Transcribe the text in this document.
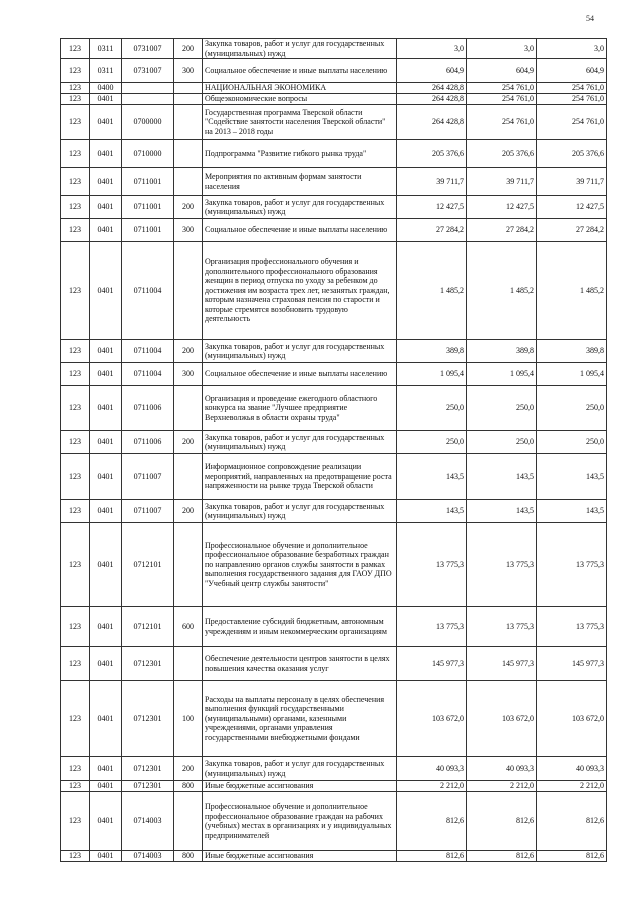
54
123	0311	0731007	200	Закупка товаров, работ и услуг для государственных (муниципальных) нужд	3,0	3,0	3,0
123	0311	0731007	300	Социальное обеспечение и иные выплаты населению	604,9	604,9	604,9
123	0400			НАЦИОНАЛЬНАЯ ЭКОНОМИКА	264 428,8	254 761,0	254 761,0
123	0401			Общеэкономические вопросы	264 428,8	254 761,0	254 761,0
123	0401	0700000		Государственная программа Тверской области "Содействие занятости населения Тверской области" на 2013 – 2018 годы	264 428,8	254 761,0	254 761,0
123	0401	0710000		Подпрограмма "Развитие гибкого рынка труда"	205 376,6	205 376,6	205 376,6
123	0401	0711001		Мероприятия по активным формам занятости населения	39 711,7	39 711,7	39 711,7
123	0401	0711001	200	Закупка товаров, работ и услуг для государственных (муниципальных) нужд	12 427,5	12 427,5	12 427,5
123	0401	0711001	300	Социальное обеспечение и иные выплаты населению	27 284,2	27 284,2	27 284,2
123	0401	0711004		Организация профессионального обучения и дополнительного профессионального образования женщин в период отпуска по уходу за ребенком до достижения им возраста трех лет, незанятых граждан, которым назначена страховая пенсия по старости и которые стремятся возобновить трудовую деятельность	1 485,2	1 485,2	1 485,2
123	0401	0711004	200	Закупка товаров, работ и услуг для государственных (муниципальных) нужд	389,8	389,8	389,8
123	0401	0711004	300	Социальное обеспечение и иные выплаты населению	1 095,4	1 095,4	1 095,4
123	0401	0711006		Организация и проведение ежегодного областного конкурса на звание "Лучшее предприятие Верхневолжья в области охраны труда"	250,0	250,0	250,0
123	0401	0711006	200	Закупка товаров, работ и услуг для государственных (муниципальных) нужд	250,0	250,0	250,0
123	0401	0711007		Информационное сопровождение реализации мероприятий, направленных на предотвращение роста напряженности на рынке труда Тверской области	143,5	143,5	143,5
123	0401	0711007	200	Закупка товаров, работ и услуг для государственных (муниципальных) нужд	143,5	143,5	143,5
123	0401	0712101		Профессиональное обучение и дополнительное профессиональное образование безработных граждан по направлению органов службы занятости в рамках выполнения государственного задания для ГАОУ ДПО "Учебный центр службы занятости"	13 775,3	13 775,3	13 775,3
123	0401	0712101	600	Предоставление субсидий бюджетным, автономным учреждениям и иным некоммерческим организациям	13 775,3	13 775,3	13 775,3
123	0401	0712301		Обеспечение деятельности центров занятости в целях повышения качества оказания услуг	145 977,3	145 977,3	145 977,3
123	0401	0712301	100	Расходы на выплаты персоналу в целях обеспечения выполнения функций государственными (муниципальными) органами, казенными учреждениями, органами управления государственными внебюджетными фондами	103 672,0	103 672,0	103 672,0
123	0401	0712301	200	Закупка товаров, работ и услуг для государственных (муниципальных) нужд	40 093,3	40 093,3	40 093,3
123	0401	0712301	800	Иные бюджетные ассигнования	2 212,0	2 212,0	2 212,0
123	0401	0714003		Профессиональное обучение и дополнительное профессиональное образование граждан на рабочих (учебных) местах в организациях и у индивидуальных предпринимателей	812,6	812,6	812,6
123	0401	0714003	800	Иные бюджетные ассигнования	812,6	812,6	812,6
